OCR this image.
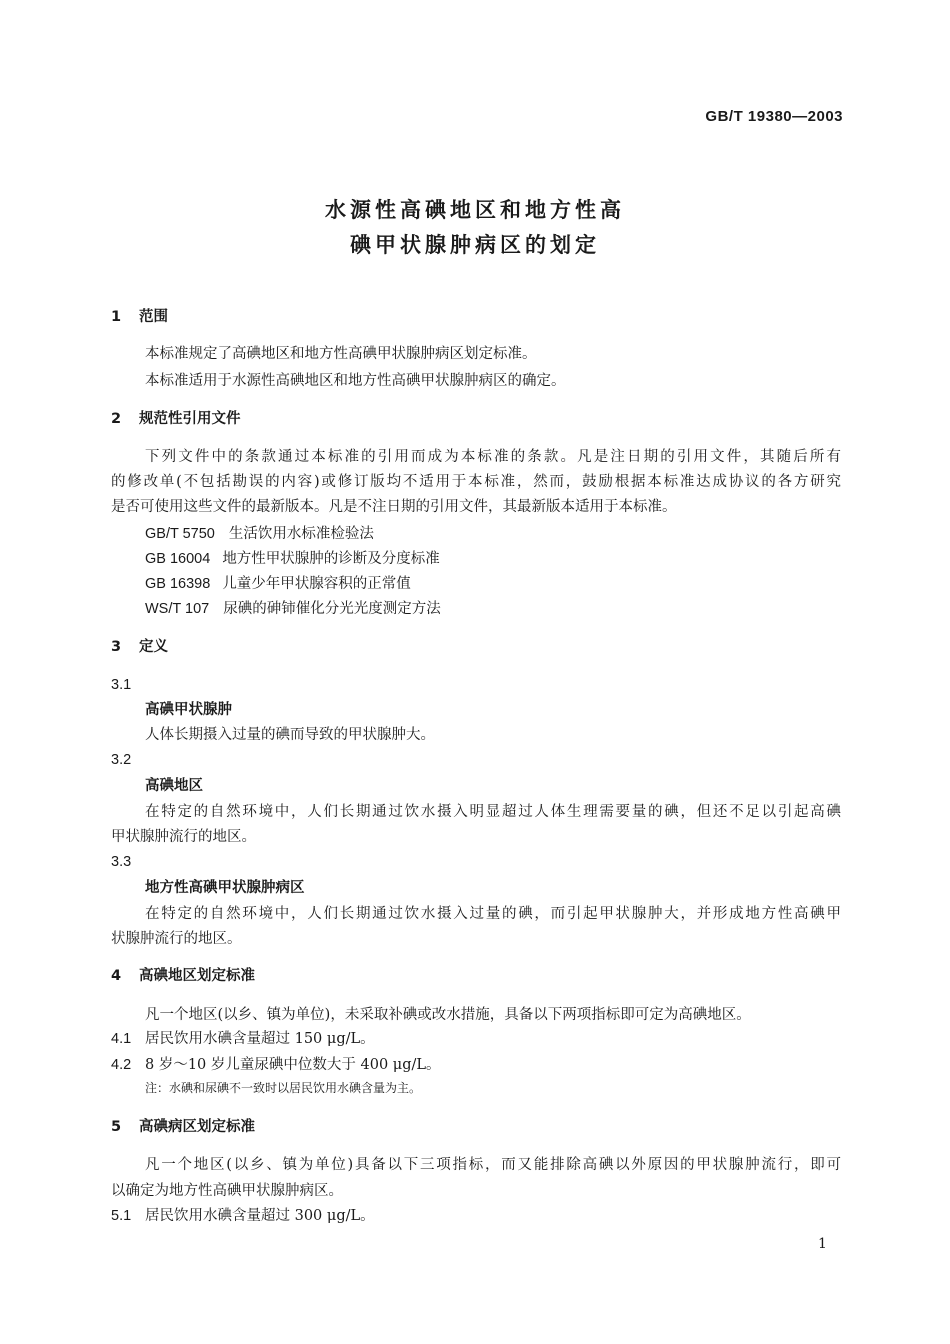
GB/T 19380—2003
水源性高碘地区和地方性高
碘甲状腺肿病区的划定
1 范围
本标准规定了高碘地区和地方性高碘甲状腺肿病区划定标准。
本标准适用于水源性高碘地区和地方性高碘甲状腺肿病区的确定。
2 规范性引用文件
下列文件中的条款通过本标准的引用而成为本标准的条款。凡是注日期的引用文件，其随后所有
的修改单(不包括勘误的内容)或修订版均不适用于本标准，然而，鼓励根据本标准达成协议的各方研究
是否可使用这些文件的最新版本。凡是不注日期的引用文件，其最新版本适用于本标准。
GB/T 5750 生活饮用水标准检验法
GB 16004 地方性甲状腺肿的诊断及分度标准
GB 16398 儿童少年甲状腺容积的正常值
WS/T 107 尿碘的砷铈催化分光光度测定方法
3 定义
3.1
高碘甲状腺肿
人体长期摄入过量的碘而导致的甲状腺肿大。
3.2
高碘地区
在特定的自然环境中，人们长期通过饮水摄入明显超过人体生理需要量的碘，但还不足以引起高碘
甲状腺肿流行的地区。
3.3
地方性高碘甲状腺肿病区
在特定的自然环境中，人们长期通过饮水摄入过量的碘，而引起甲状腺肿大，并形成地方性高碘甲
状腺肿流行的地区。
4 高碘地区划定标准
凡一个地区(以乡、镇为单位)，未采取补碘或改水措施，具备以下两项指标即可定为高碘地区。
4.1 居民饮用水碘含量超过 150 μg/L。
4.2 8 岁～10 岁儿童尿碘中位数大于 400 μg/L。
注：水碘和尿碘不一致时以居民饮用水碘含量为主。
5 高碘病区划定标准
凡一个地区(以乡、镇为单位)具备以下三项指标，而又能排除高碘以外原因的甲状腺肿流行，即可
以确定为地方性高碘甲状腺肿病区。
5.1 居民饮用水碘含量超过 300 μg/L。
1
